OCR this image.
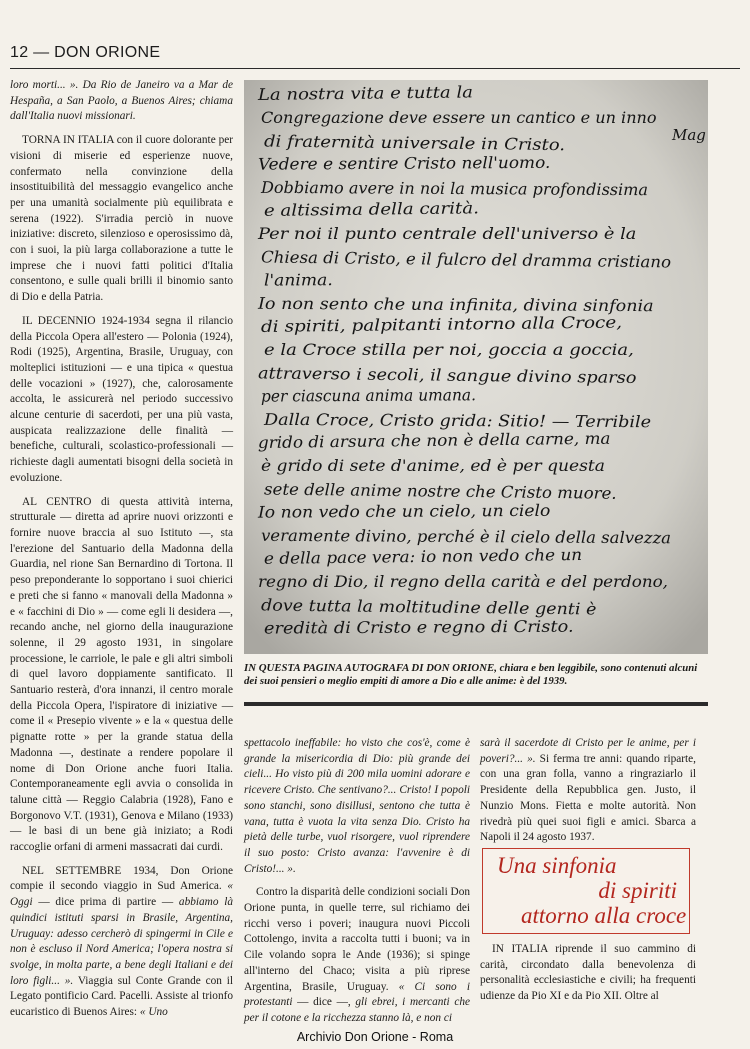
12 — DON ORIONE

loro morti... ». Da Rio de Janeiro va a Mar de Hespaña, a San Paolo, a Buenos Aires; chiama dall'Italia nuovi missionari.

TORNA IN ITALIA con il cuore dolorante per visioni di miserie ed esperienze nuove, confermato nella convinzione della insostituibilità del messaggio evangelico anche per una umanità socialmente più equilibrata e serena (1922). S'irradia perciò in nuove iniziative: discreto, silenzioso e operosissimo dà, con i suoi, la più larga collaborazione a tutte le imprese che i nuovi fatti politici d'Italia consentono, e sulle quali brilli il binomio santo di Dio e della Patria.

IL DECENNIO 1924-1934 segna il rilancio della Piccola Opera all'estero — Polonia (1924), Rodi (1925), Argentina, Brasile, Uruguay, con molteplici istituzioni — e una tipica « questua delle vocazioni » (1927), che, calorosamente accolta, le assicurerà nel periodo successivo alcune centurie di sacerdoti, per una più vasta, auspicata realizzazione delle finalità — benefiche, culturali, scolastico-professionali — richieste dagli aumentati bisogni della società in evoluzione.

AL CENTRO di questa attività interna, strutturale — diretta ad aprire nuovi orizzonti e fornire nuove braccia al suo Istituto —, sta l'erezione del Santuario della Madonna della Guardia, nel rione San Bernardino di Tortona. Il peso preponderante lo sopportano i suoi chierici e preti che si fanno « manovali della Madonna » e « facchini di Dio » — come egli li desidera —, recando anche, nel giorno della inaugurazione solenne, il 29 agosto 1931, in singolare processione, le carriole, le pale e gli altri simboli di quel lavoro doppiamente santificato. Il Santuario resterà, d'ora innanzi, il centro morale della Piccola Opera, l'ispiratore di iniziative — come il « Presepio vivente » e la « questua delle pignatte rotte » per la grande statua della Madonna —, destinate a rendere popolare il nome di Don Orione anche fuori Italia. Contemporaneamente egli avvia o consolida in talune città — Reggio Calabria (1928), Fano e Borgonovo V.T. (1931), Genova e Milano (1933) — le basi di un bene già iniziato; a Rodi raccoglie orfani di armeni massacrati dai curdi.

NEL SETTEMBRE 1934, Don Orione compie il secondo viaggio in Sud America. « Oggi — dice prima di partire — abbiamo là quindici istituti sparsi in Brasile, Argentina, Uruguay: adesso cercherò di spingermi in Cile e non è escluso il Nord America; l'opera nostra si svolge, in molta parte, a bene degli Italiani e dei loro figli... ». Viaggia sul Conte Grande con il Legato pontificio Card. Pacelli. Assiste al trionfo eucaristico di Buenos Aires: « Uno

La nostra vita e tutta la
Congregazione deve essere un cantico e un inno
di fraternità universale in Cristo.
Vedere e sentire Cristo nell'uomo.
Dobbiamo avere in noi la musica profondissima
e altissima della carità.
Per noi il punto centrale dell'universo è la
Chiesa di Cristo, e il fulcro del dramma cristiano
l'anima.
Io non sento che una infinita, divina sinfonia
di spiriti, palpitanti intorno alla Croce,
e la Croce stilla per noi, goccia a goccia,
attraverso i secoli, il sangue divino sparso
per ciascuna anima umana.
Dalla Croce, Cristo grida: Sitio! — Terribile
grido di arsura che non è della carne, ma
è grido di sete d'anime, ed è per questa
sete delle anime nostre che Cristo muore.
Io non vedo che un cielo, un cielo
veramente divino, perché è il cielo della salvezza
e della pace vera: io non vedo che un
regno di Dio, il regno della carità e del perdono,
dove tutta la moltitudine delle genti è
eredità di Cristo e regno di Cristo.
Mag
IN QUESTA PAGINA AUTOGRAFA DI DON ORIONE, chiara e ben leggibile, sono contenuti alcuni dei suoi pensieri o meglio empiti di amore a Dio e alle anime: è del 1939.

spettacolo ineffabile: ho visto che cos'è, come è grande la misericordia di Dio: più grande dei cieli... Ho visto più di 200 mila uomini adorare e ricevere Cristo. Che sentivano?... Cristo! I popoli sono stanchi, sono disillusi, sentono che tutta è vana, tutta è vuota la vita senza Dio. Cristo ha pietà delle turbe, vuol risorgere, vuol riprendere il suo posto: Cristo avanza: l'avvenire è di Cristo!... ».

Contro la disparità delle condizioni sociali Don Orione punta, in quelle terre, sul richiamo dei ricchi verso i poveri; inaugura nuovi Piccoli Cottolengo, invita a raccolta tutti i buoni; va in Cile volando sopra le Ande (1936); si spinge all'interno del Chaco; visita a più riprese Argentina, Brasile, Uruguay. « Ci sono i protestanti — dice —, gli ebrei, i mercanti che per il cotone e la ricchezza stanno là, e non ci

sarà il sacerdote di Cristo per le anime, per i poveri?... ». Si ferma tre anni: quando riparte, con una gran folla, vanno a ringraziarlo il Presidente della Repubblica gen. Justo, il Nunzio Mons. Fietta e molte autorità. Non rivedrà più quei suoi figli e amici. Sbarca a Napoli il 24 agosto 1937.

Una sinfonia
di spiriti
attorno alla croce

IN ITALIA riprende il suo cammino di carità, circondato dalla benevolenza di personalità ecclesiastiche e civili; ha frequenti udienze da Pio XI e da Pio XII. Oltre al

Archivio Don Orione - Roma
